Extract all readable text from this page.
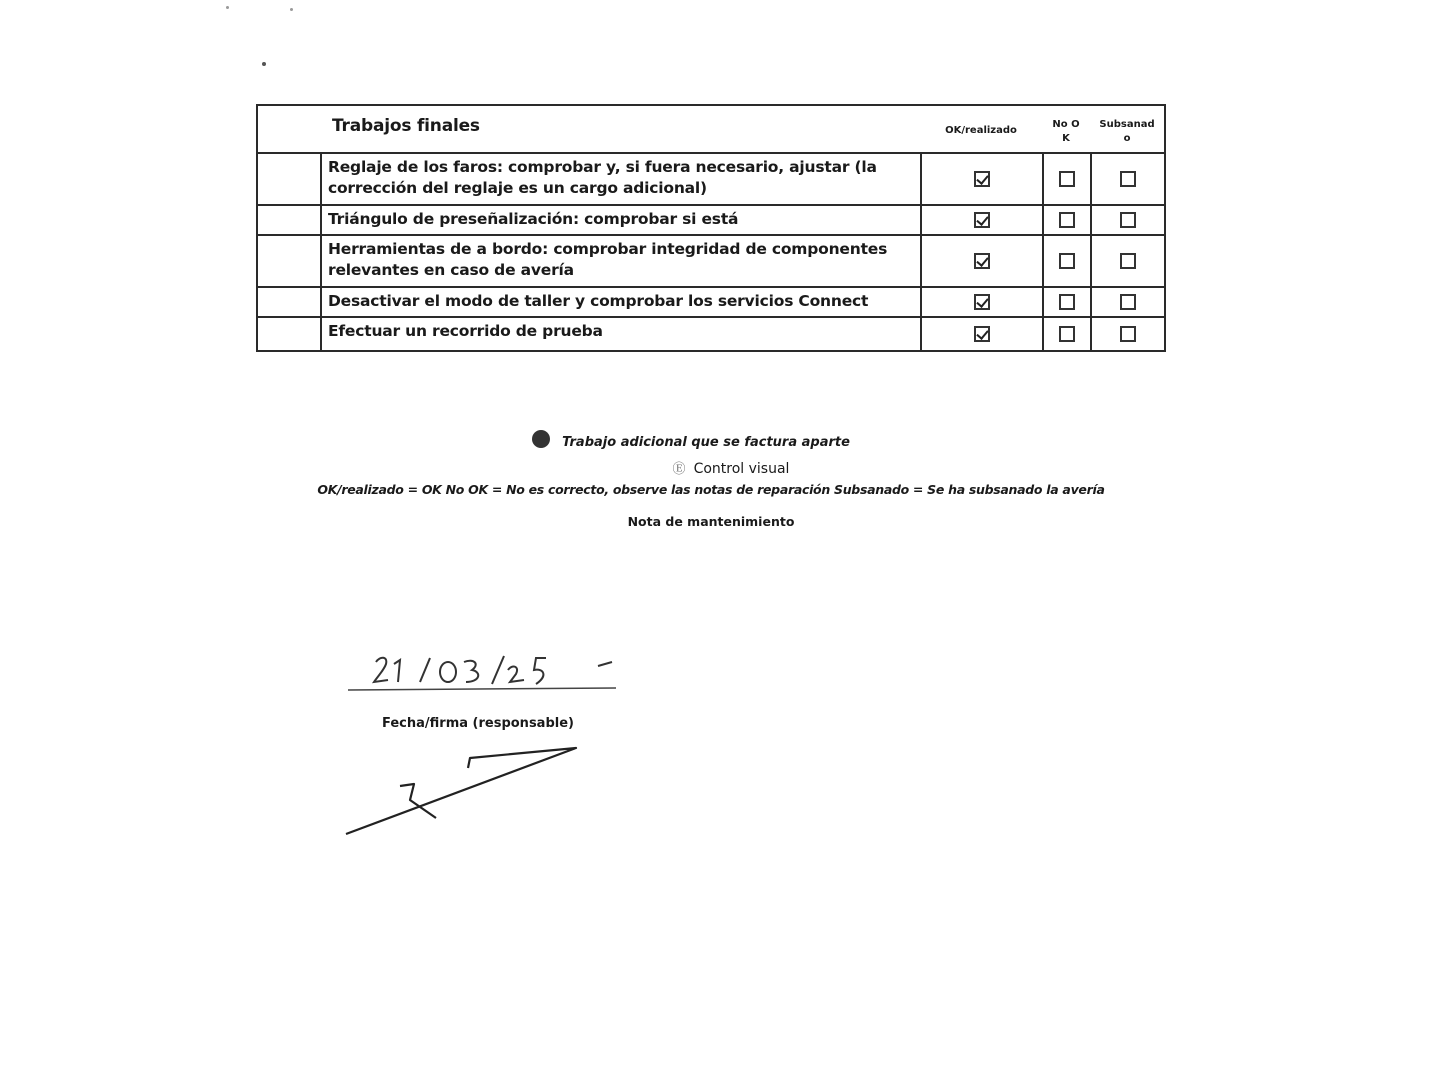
Trabajos finales	OK/realizado
No OK
Subsanado
Reglaje de los faros: comprobar y, si fuera necesario, ajustar (la corrección del reglaje es un cargo adicional)
Triángulo de preseñalización: comprobar si está
Herramientas de a bordo: comprobar integridad de componentes relevantes en caso de avería
Desactivar el modo de taller y comprobar los servicios Connect
Efectuar un recorrido de prueba
Trabajo adicional que se factura aparte
Ⓔ Control visual
OK/realizado = OK No OK = No es correcto, observe las notas de reparación Subsanado = Se ha subsanado la avería
Nota de mantenimiento
Fecha/firma (responsable)
